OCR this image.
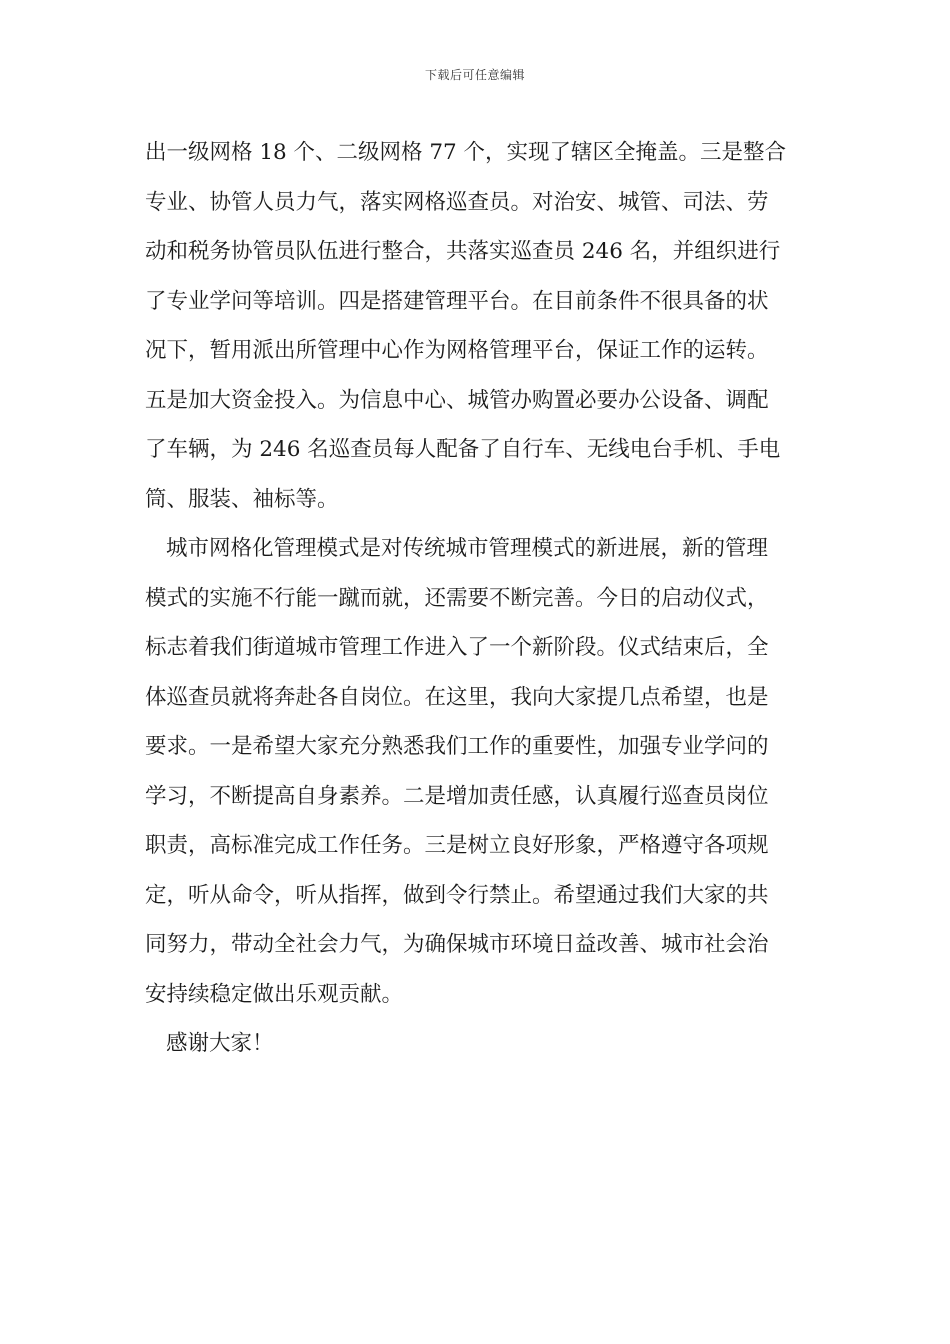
下载后可任意编辑
出一级网格 18 个、二级网格 77 个，实现了辖区全掩盖。三是整合
专业、协管人员力气，落实网格巡查员。对治安、城管、司法、劳
动和税务协管员队伍进行整合，共落实巡查员 246 名，并组织进行
了专业学问等培训。四是搭建管理平台。在目前条件不很具备的状
况下，暂用派出所管理中心作为网格管理平台，保证工作的运转。
五是加大资金投入。为信息中心、城管办购置必要办公设备、调配
了车辆，为 246 名巡查员每人配备了自行车、无线电台手机、手电
筒、服装、袖标等。
城市网格化管理模式是对传统城市管理模式的新进展，新的管理
模式的实施不行能一蹴而就，还需要不断完善。今日的启动仪式，
标志着我们街道城市管理工作进入了一个新阶段。仪式结束后，全
体巡查员就将奔赴各自岗位。在这里，我向大家提几点希望，也是
要求。一是希望大家充分熟悉我们工作的重要性，加强专业学问的
学习，不断提高自身素养。二是增加责任感，认真履行巡查员岗位
职责，高标准完成工作任务。三是树立良好形象，严格遵守各项规
定，听从命令，听从指挥，做到令行禁止。希望通过我们大家的共
同努力，带动全社会力气，为确保城市环境日益改善、城市社会治
安持续稳定做出乐观贡献。
感谢大家！
